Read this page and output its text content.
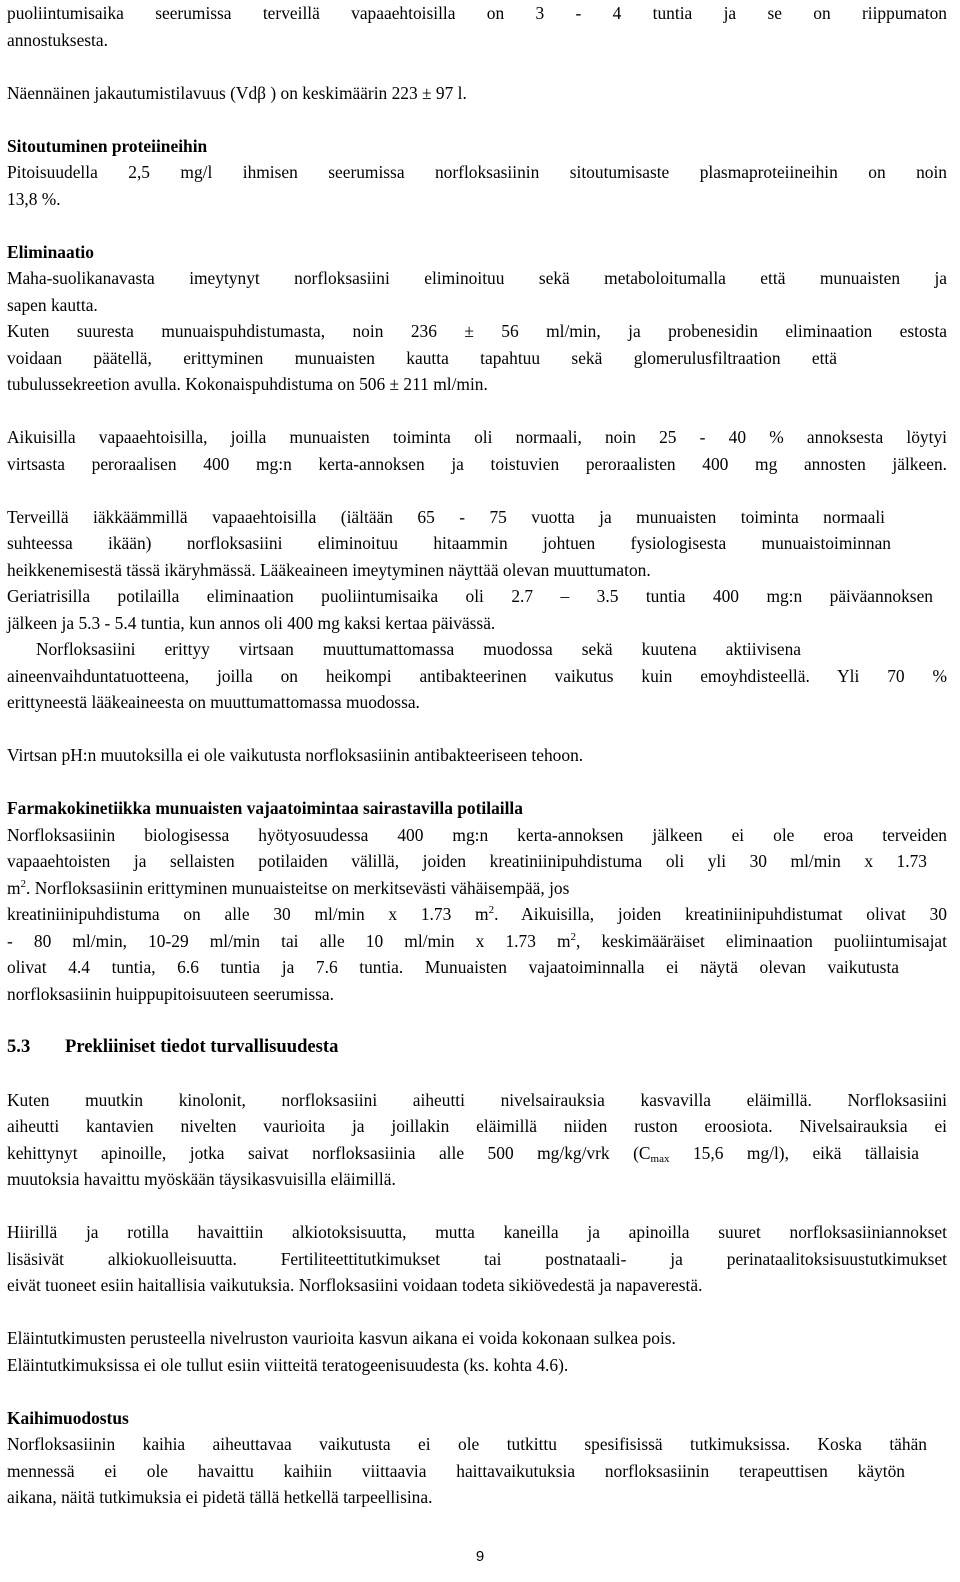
puoliintumisaika seerumissa terveillä vapaaehtoisilla on 3 - 4 tuntia ja se on riippumaton
annostuksesta.
Näennäinen jakautumistilavuus (Vdβ ) on keskimäärin 223 ± 97 l.
Sitoutuminen proteiineihin
Pitoisuudella 2,5 mg/l ihmisen seerumissa norfloksasiinin sitoutumisaste plasmaproteiineihin on noin
13,8 %.
Eliminaatio
Maha-suolikanavasta imeytynyt norfloksasiini eliminoituu sekä metaboloitumalla että munuaisten ja
sapen kautta.
Kuten suuresta munuaispuhdistumasta, noin 236 ± 56 ml/min, ja probenesidin eliminaation estosta
voidaan päätellä, erittyminen munuaisten kautta tapahtuu sekä glomerulusfiltraation että
tubulussekreetion avulla. Kokonaispuhdistuma on 506 ± 211 ml/min.
Aikuisilla vapaaehtoisilla, joilla munuaisten toiminta oli normaali, noin 25 - 40 % annoksesta löytyi
virtsasta peroraalisen 400 mg:n kerta-annoksen ja toistuvien peroraalisten 400 mg annosten jälkeen.
Terveillä iäkkäämmillä vapaaehtoisilla (iältään 65 - 75 vuotta ja munuaisten toiminta normaali
suhteessa ikään) norfloksasiini eliminoituu hitaammin johtuen fysiologisesta munuaistoiminnan
heikkenemisestä tässä ikäryhmässä. Lääkeaineen imeytyminen näyttää olevan muuttumaton.
Geriatrisilla potilailla eliminaation puoliintumisaika oli 2.7 – 3.5 tuntia 400 mg:n päiväannoksen
jälkeen ja 5.3 - 5.4 tuntia, kun annos oli 400 mg kaksi kertaa päivässä.
Norfloksasiini erittyy virtsaan muuttumattomassa muodossa sekä kuutena aktiivisena
aineenvaihduntatuotteena, joilla on heikompi antibakteerinen vaikutus kuin emoyhdisteellä. Yli 70 %
erittyneestä lääkeaineesta on muuttumattomassa muodossa.
Virtsan pH:n muutoksilla ei ole vaikutusta norfloksasiinin antibakteeriseen tehoon.
Farmakokinetiikka munuaisten vajaatoimintaa sairastavilla potilailla
Norfloksasiinin biologisessa hyötyosuudessa 400 mg:n kerta-annoksen jälkeen ei ole eroa terveiden
vapaaehtoisten ja sellaisten potilaiden välillä, joiden kreatiniinipuhdistuma oli yli 30 ml/min x 1.73
$m^2$. Norfloksasiinin erittyminen munuaisteitse on merkitsevästi vähäisempää, jos
kreatiniinipuhdistuma on alle 30 ml/min x 1.73 $m^2$. Aikuisilla, joiden kreatiniinipuhdistumat olivat 30
- 80 ml/min, 10-29 ml/min tai alle 10 ml/min x 1.73 $m^2$, keskimääräiset eliminaation puoliintumisajat
olivat 4.4 tuntia, 6.6 tuntia ja 7.6 tuntia. Munuaisten vajaatoiminnalla ei näytä olevan vaikutusta
norfloksasiinin huippupitoisuuteen seerumissa.
5.3 Prekliiniset tiedot turvallisuudesta
Kuten muutkin kinolonit, norfloksasiini aiheutti nivelsairauksia kasvavilla eläimillä. Norfloksasiini
aiheutti kantavien nivelten vaurioita ja joillakin eläimillä niiden ruston eroosiota. Nivelsairauksia ei
kehittynyt apinoille, jotka saivat norfloksasiinia alle 500 mg/kg/vrk ($C_{max}$ 15,6 mg/l), eikä tällaisia
muutoksia havaittu myöskään täysikasvuisilla eläimillä.
Hiirillä ja rotilla havaittiin alkiotoksisuutta, mutta kaneilla ja apinoilla suuret norfloksasiiniannokset
lisäsivät alkiokuolleisuutta. Fertiliteettitutkimukset tai postnataali- ja perinataalitoksisuustutkimukset
eivät tuoneet esiin haitallisia vaikutuksia. Norfloksasiini voidaan todeta sikiövedestä ja napaverestä.
Eläintutkimusten perusteella nivelruston vaurioita kasvun aikana ei voida kokonaan sulkea pois.
Eläintutkimuksissa ei ole tullut esiin viitteitä teratogeenisuudesta (ks. kohta 4.6).
Kaihimuodostus
Norfloksasiinin kaihia aiheuttavaa vaikutusta ei ole tutkittu spesifisissä tutkimuksissa. Koska tähän
mennessä ei ole havaittu kaihiin viittaavia haittavaikutuksia norfloksasiinin terapeuttisen käytön
aikana, näitä tutkimuksia ei pidetä tällä hetkellä tarpeellisina.
9
